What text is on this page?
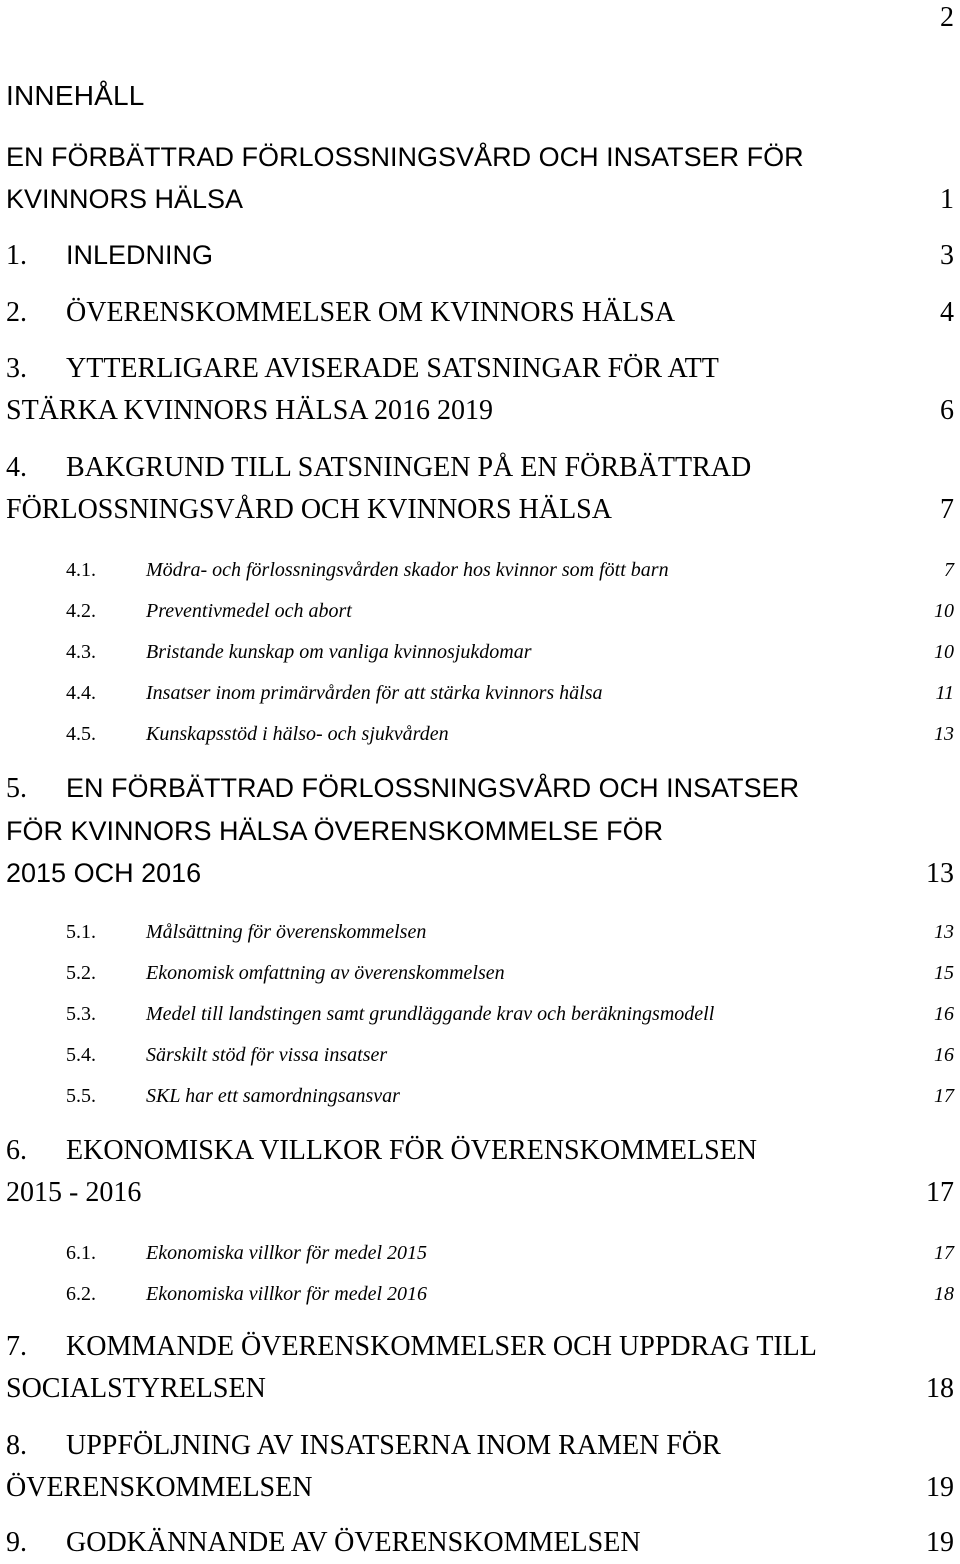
2
INNEHÅLL
EN FÖRBÄTTRAD FÖRLOSSNINGSVÅRD OCH INSATSER FÖR
KVINNORS HÄLSA	1
1. INLEDNING	3
2. ÖVERENSKOMMELSER OM KVINNORS HÄLSA	4
3. YTTERLIGARE AVISERADE SATSNINGAR FÖR ATT
STÄRKA KVINNORS HÄLSA 2016 2019	6
4. BAKGRUND TILL SATSNINGEN PÅ EN FÖRBÄTTRAD
FÖRLOSSNINGSVÅRD OCH KVINNORS HÄLSA	7
4.1.	Mödra- och förlossningsvården skador hos kvinnor som fött barn	7
4.2.	Preventivmedel och abort	10
4.3.	Bristande kunskap om vanliga kvinnosjukdomar	10
4.4.	Insatser inom primärvården för att stärka kvinnors hälsa	11
4.5.	Kunskapsstöd i hälso- och sjukvården	13
5. EN FÖRBÄTTRAD FÖRLOSSNINGSVÅRD OCH INSATSER
FÖR KVINNORS HÄLSA ÖVERENSKOMMELSE FÖR
2015 OCH 2016	13
5.1.	Målsättning för överenskommelsen	13
5.2.	Ekonomisk omfattning av överenskommelsen	15
5.3.	Medel till landstingen samt grundläggande krav och beräkningsmodell	16
5.4.	Särskilt stöd för vissa insatser	16
5.5.	SKL har ett samordningsansvar	17
6. EKONOMISKA VILLKOR FÖR ÖVERENSKOMMELSEN
2015 - 2016	17
6.1.	Ekonomiska villkor för medel 2015	17
6.2.	Ekonomiska villkor för medel 2016	18
7. KOMMANDE ÖVERENSKOMMELSER OCH UPPDRAG TILL
SOCIALSTYRELSEN	18
8. UPPFÖLJNING AV INSATSERNA INOM RAMEN FÖR
ÖVERENSKOMMELSEN	19
9. GODKÄNNANDE AV ÖVERENSKOMMELSEN	19
